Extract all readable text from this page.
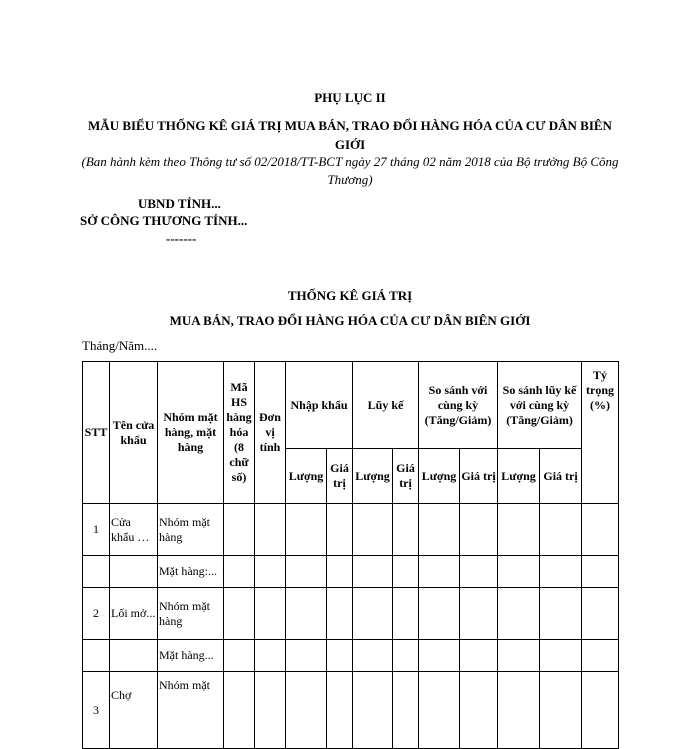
PHỤ LỤC II
MẪU BIỂU THỐNG KÊ GIÁ TRỊ MUA BÁN, TRAO ĐỔI HÀNG HÓA CỦA CƯ DÂN BIÊN GIỚI
(Ban hành kèm theo Thông tư số 02/2018/TT-BCT ngày 27 tháng 02 năm 2018 của Bộ trưởng Bộ Công Thương)
UBND TỈNH...
SỞ CÔNG THƯƠNG TỈNH...
-------
THỐNG KÊ GIÁ TRỊ
MUA BÁN, TRAO ĐỔI HÀNG HÓA CỦA CƯ DÂN BIÊN GIỚI
Tháng/Năm....
STT	Tên cửa khẩu	Nhóm mặt hàng, mặt hàng	Mã HS hàng hóa (8 chữ số)	Đơn vị tính	Nhập khẩu		Lũy kế		So sánh với cùng kỳ (Tăng/Giảm)		So sánh lũy kế với cùng kỳ (Tăng/Giảm)		Tỷ trọng (%)
					Lượng	Giá trị	Lượng	Giá trị	Lượng	Giá trị	Lượng	Giá trị	
1	Cửa khẩu …	Nhóm mặt hàng											
		Mặt hàng:...											
2	Lối mở...	Nhóm mặt hàng											
		Mặt hàng...											
3	Chợ	Nhóm mặt											
